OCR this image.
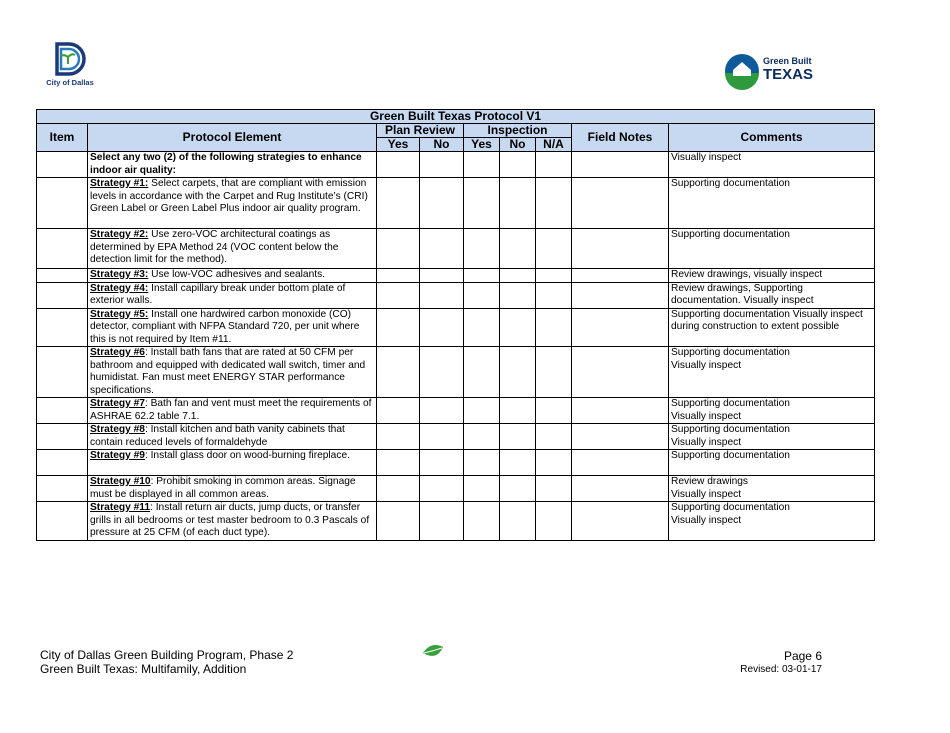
City of Dallas
Green Built
TEXAS
Green Built Texas Protocol V1								
Item	Protocol Element	Plan Review		Inspection			Field Notes	Comments
		Yes	No	Yes	No	N/A		
	Select any two (2) of the following strategies to enhance indoor air quality:							Visually inspect
	Strategy #1: Select carpets, that are compliant with emission levels in accordance with the Carpet and Rug Institute’s (CRI) Green Label or Green Label Plus indoor air quality program.							Supporting documentation
	Strategy #2: Use zero-VOC architectural coatings as determined by EPA Method 24 (VOC content below the detection limit for the method).							Supporting documentation
	Strategy #3: Use low-VOC adhesives and sealants.							Review drawings, visually inspect
	Strategy #4: Install capillary break under bottom plate of exterior walls.							Review drawings, Supporting documentation. Visually inspect
	Strategy #5: Install one hardwired carbon monoxide (CO) detector, compliant with NFPA Standard 720, per unit where this is not required by Item #11.							Supporting documentation Visually inspect during construction to extent possible
	Strategy #6: Install bath fans that are rated at 50 CFM per bathroom and equipped with dedicated wall switch, timer and humidistat. Fan must meet ENERGY STAR performance specifications.							Supporting documentation
Visually inspect
	Strategy #7: Bath fan and vent must meet the requirements of ASHRAE 62.2 table 7.1.							Supporting documentation
Visually inspect
	Strategy #8: Install kitchen and bath vanity cabinets that contain reduced levels of formaldehyde							Supporting documentation
Visually inspect
	Strategy #9: Install glass door on wood-burning fireplace.							Supporting documentation
	Strategy #10: Prohibit smoking in common areas. Signage must be displayed in all common areas.							Review drawings
Visually inspect
	Strategy #11: Install return air ducts, jump ducts, or transfer grills in all bedrooms or test master bedroom to 0.3 Pascals of pressure at 25 CFM (of each duct type).							Supporting documentation
Visually inspect
City of Dallas Green Building Program, Phase 2
Green Built Texas: Multifamily, Addition
Page 6
Revised: 03-01-17
